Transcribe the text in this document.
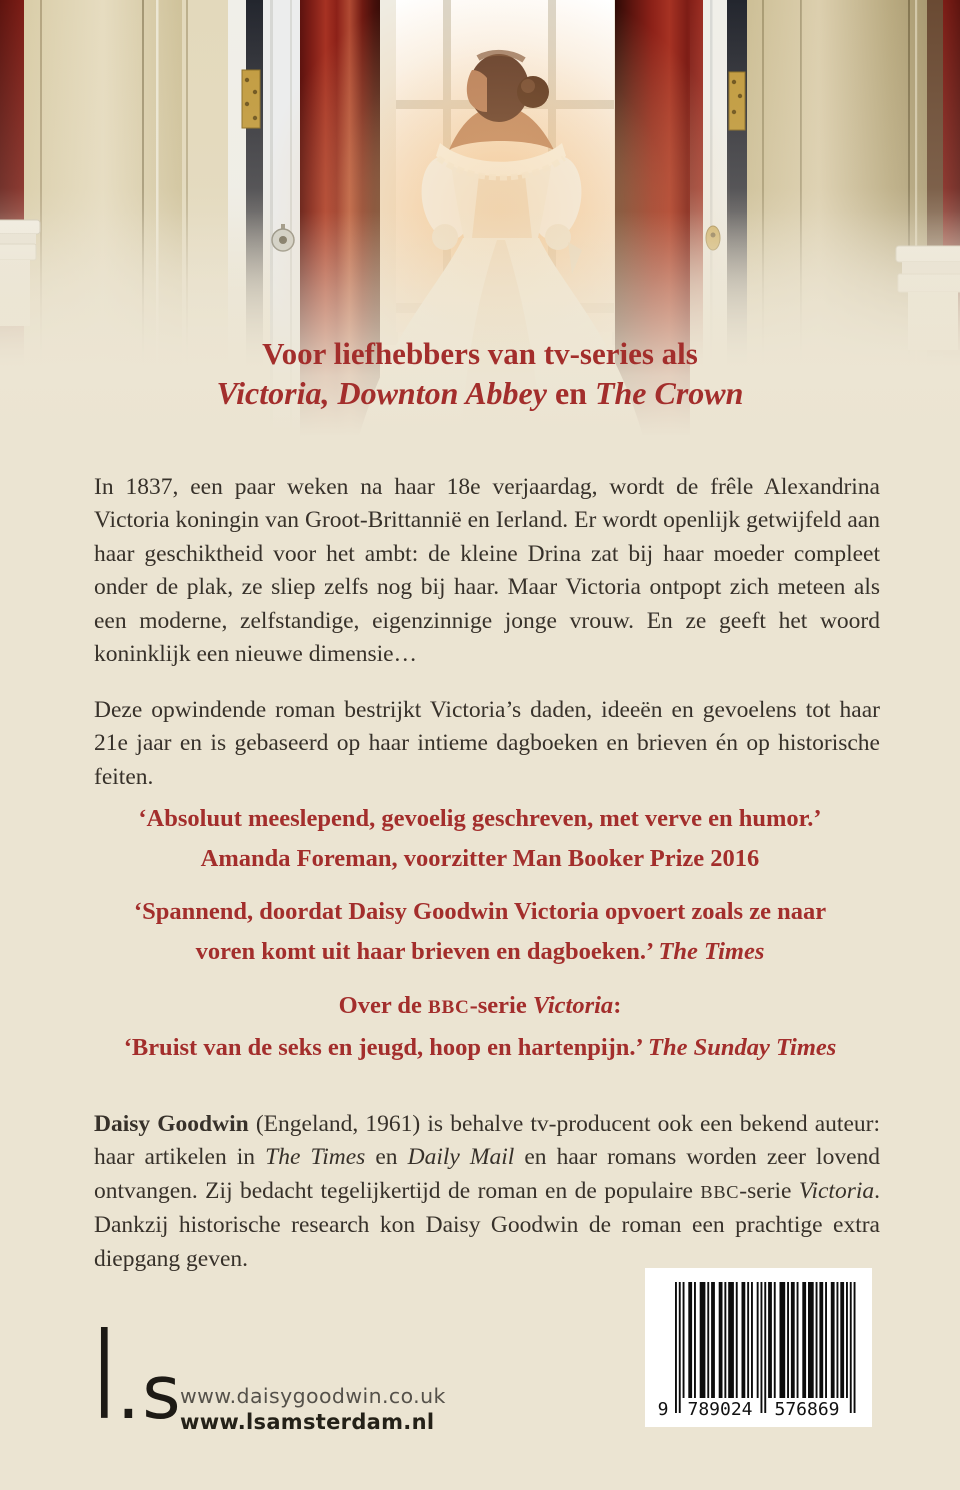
Voor liefhebbers van tv-series als
Victoria, Downton Abbey en The Crown

In 1837, een paar weken na haar 18e verjaardag, wordt de frêle Alexandrina Victoria koningin van Groot-Brittannië en Ierland. Er wordt openlijk getwijfeld aan haar geschiktheid voor het ambt: de kleine Drina zat bij haar moeder compleet onder de plak, ze sliep zelfs nog bij haar. Maar Victoria ontpopt zich meteen als een moderne, zelfstandige, eigenzinnige jonge vrouw. En ze geeft het woord koninklijk een nieuwe dimensie…

Deze opwindende roman bestrijkt Victoria’s daden, ideeën en gevoelens tot haar 21e jaar en is gebaseerd op haar intieme dagboeken en brieven én op historische feiten.

‘Absoluut meeslepend, gevoelig geschreven, met verve en humor.’
Amanda Foreman, voorzitter Man Booker Prize 2016
‘Spannend, doordat Daisy Goodwin Victoria opvoert zoals ze naar voren komt uit haar brieven en dagboeken.’ The Times
Over de BBC-serie Victoria:
‘Bruist van de seks en jeugd, hoop en hartenpijn.’ The Sunday Times

Daisy Goodwin (Engeland, 1961) is behalve tv-producent ook een bekend auteur: haar artikelen in The Times en Daily Mail en haar romans worden zeer lovend ontvangen. Zij bedacht tegelijkertijd de roman en de populaire BBC-serie Victoria. Dankzij historische research kon Daisy Goodwin de roman een prachtige extra diepgang geven.

l.s
www.daisygoodwin.co.uk
www.lsamsterdam.nl
9 789024 576869
